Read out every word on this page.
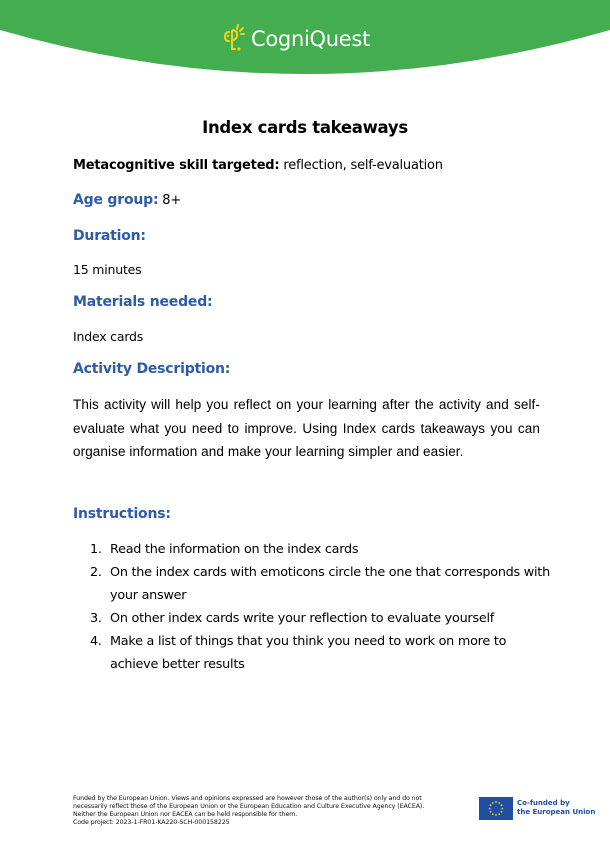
CogniQuest
Index cards takeaways
Metacognitive skill targeted: reflection, self-evaluation
Age group: 8+
Duration:
15 minutes
Materials needed:
Index cards
Activity Description:
This activity will help you reflect on your learning after the activity and self-evaluate what you need to improve. Using Index cards takeaways you can organise information and make your learning simpler and easier.
Instructions:
1. Read the information on the index cards
2. On the index cards with emoticons circle the one that corresponds with your answer
3. On other index cards write your reflection to evaluate yourself
4. Make a list of things that you think you need to work on more to achieve better results
Funded by the European Union. Views and opinions expressed are however those of the author(s) only and do not
necessarily reflect those of the European Union or the European Education and Culture Executive Agency (EACEA).
Neither the European Union nor EACEA can be held responsible for them.
Code project: 2023-1-FR01-KA220-SCH-000158225
Co-funded by
the European Union
